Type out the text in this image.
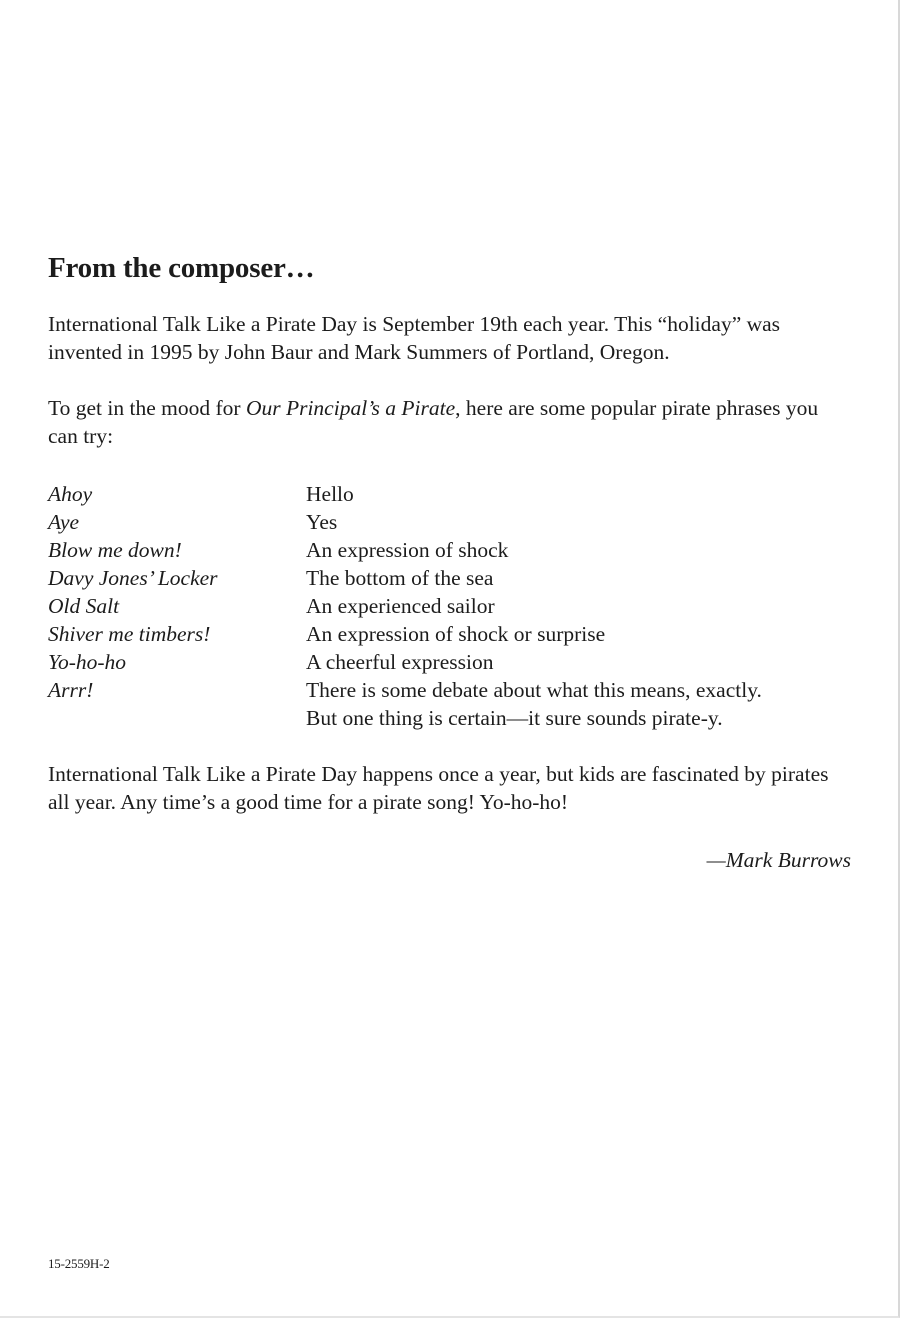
From the composer…

International Talk Like a Pirate Day is September 19th each year. This “holiday” was invented in 1995 by John Baur and Mark Summers of Portland, Oregon.

To get in the mood for Our Principal’s a Pirate, here are some popular pirate phrases you can try:

Ahoy	Hello
Aye	Yes
Blow me down!	An expression of shock
Davy Jones’ Locker	The bottom of the sea
Old Salt	An experienced sailor
Shiver me timbers!	An expression of shock or surprise
Yo-ho-ho	A cheerful expression
Arrr!	There is some debate about what this means, exactly.
But one thing is certain—it sure sounds pirate-y.

International Talk Like a Pirate Day happens once a year, but kids are fascinated by pirates all year. Any time’s a good time for a pirate song! Yo-ho-ho!

—Mark Burrows
15-2559H-2
